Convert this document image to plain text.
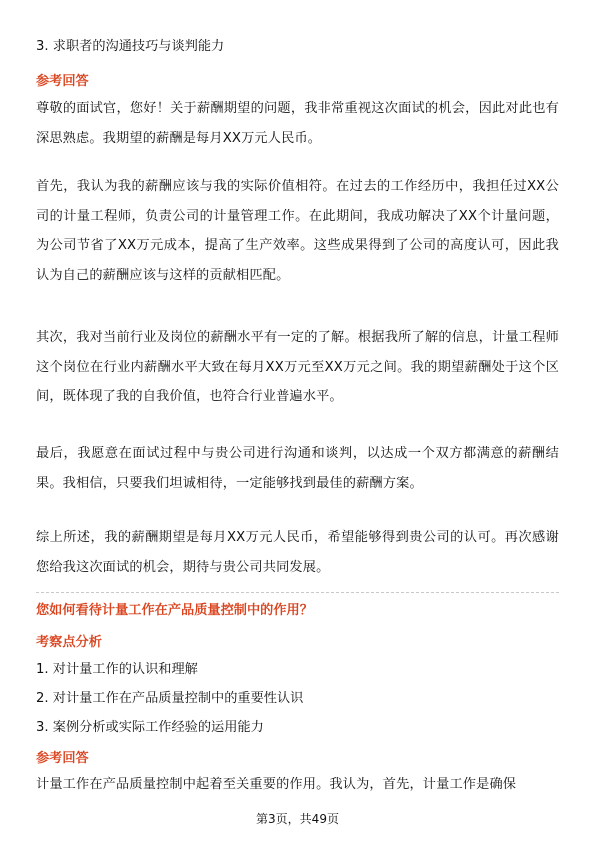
3. 求职者的沟通技巧与谈判能力
参考回答
尊敬的面试官，您好！关于薪酬期望的问题，我非常重视这次面试的机会，因此对此也有深思熟虑。我期望的薪酬是每月XX万元人民币。
首先，我认为我的薪酬应该与我的实际价值相符。在过去的工作经历中，我担任过XX公司的计量工程师，负责公司的计量管理工作。在此期间，我成功解决了XX个计量问题，为公司节省了XX万元成本，提高了生产效率。这些成果得到了公司的高度认可，因此我认为自己的薪酬应该与这样的贡献相匹配。
其次，我对当前行业及岗位的薪酬水平有一定的了解。根据我所了解的信息，计量工程师这个岗位在行业内薪酬水平大致在每月XX万元至XX万元之间。我的期望薪酬处于这个区间，既体现了我的自我价值，也符合行业普遍水平。
最后，我愿意在面试过程中与贵公司进行沟通和谈判，以达成一个双方都满意的薪酬结果。我相信，只要我们坦诚相待，一定能够找到最佳的薪酬方案。
综上所述，我的薪酬期望是每月XX万元人民币，希望能够得到贵公司的认可。再次感谢您给我这次面试的机会，期待与贵公司共同发展。
您如何看待计量工作在产品质量控制中的作用？
考察点分析
1. 对计量工作的认识和理解
2. 对计量工作在产品质量控制中的重要性认识
3. 案例分析或实际工作经验的运用能力
参考回答
计量工作在产品质量控制中起着至关重要的作用。我认为，首先，计量工作是确保
第3页，共49页
